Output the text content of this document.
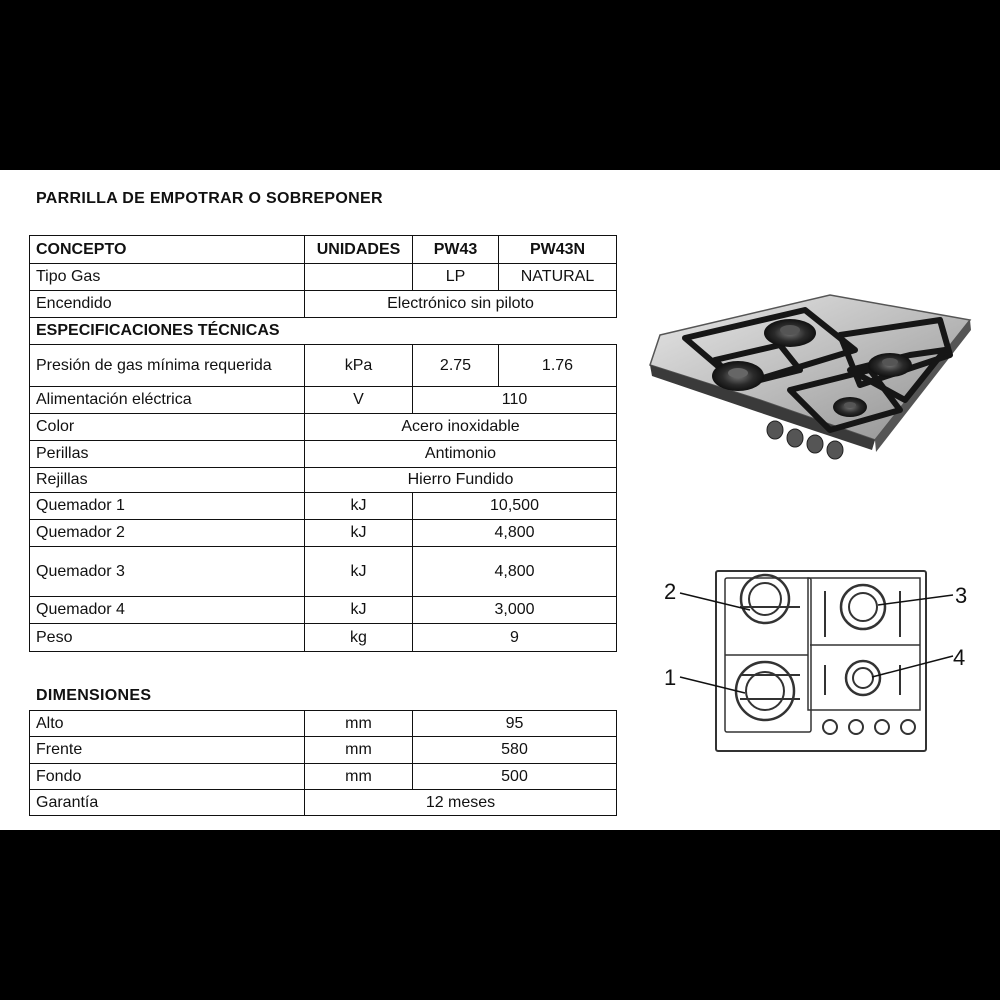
PARRILLA DE EMPOTRAR O SOBREPONER
CONCEPTO	UNIDADES	PW43	PW43N
Tipo Gas		LP	NATURAL
Encendido	Electrónico sin piloto		
ESPECIFICACIONES TÉCNICAS			
Presión de gas mínima requerida	kPa	2.75	1.76
Alimentación eléctrica	V	110	
Color	Acero inoxidable		
Perillas	Antimonio		
Rejillas	Hierro Fundido		
Quemador 1	kJ	10,500	
Quemador 2	kJ	4,800	
Quemador 3	kJ	4,800	
Quemador 4	kJ	3,000	
Peso	kg	9	
DIMENSIONES
Alto	mm	95
Frente	mm	580
Fondo	mm	500
Garantía	12 meses	
2
1
3
4
